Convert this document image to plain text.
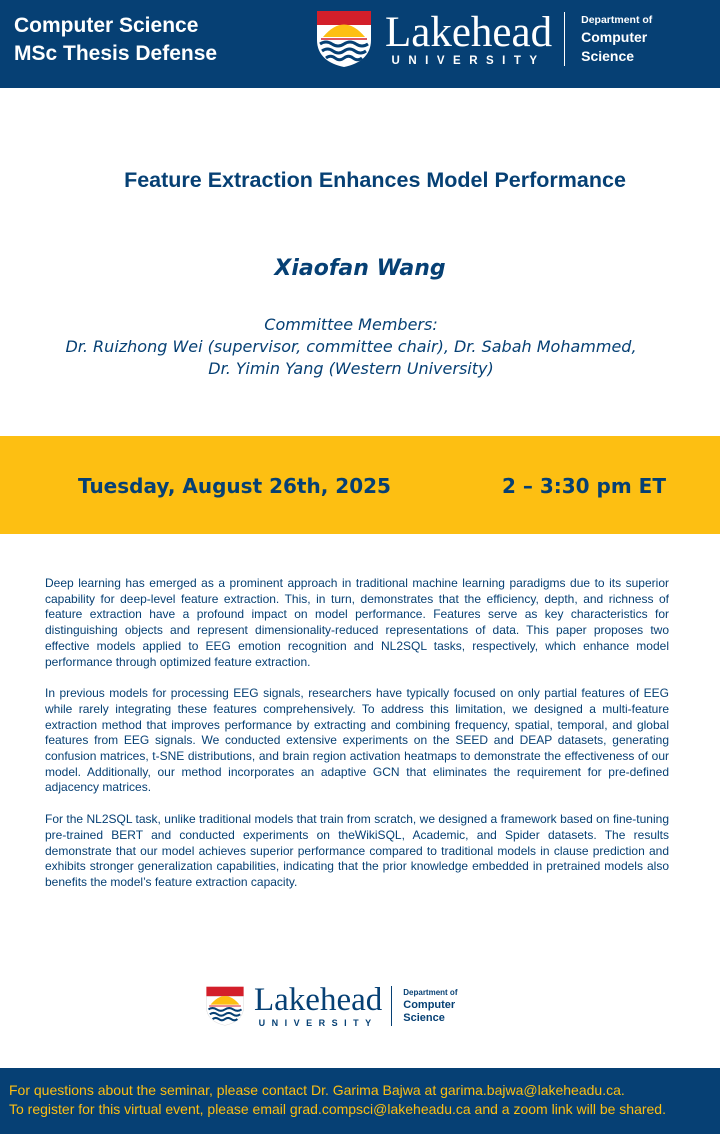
Computer Science
MSc Thesis Defense	Lakehead
UNIVERSITY
Department of
Computer
Science
Feature Extraction Enhances Model Performance
Xiaofan Wang
Committee Members:
Dr. Ruizhong Wei (supervisor, committee chair), Dr. Sabah Mohammed,
Dr. Yimin Yang (Western University)
Tuesday, August 26th, 2025	2 – 3:30 pm ET

Deep learning has emerged as a prominent approach in traditional machine learning paradigms due to its superior capability for deep-level feature extraction. This, in turn, demonstrates that the efficiency, depth, and richness of feature extraction have a profound impact on model performance. Features serve as key characteristics for distinguishing objects and represent dimensionality-reduced representations of data. This paper proposes two effective models applied to EEG emotion recognition and NL2SQL tasks, respectively, which enhance model performance through optimized feature extraction.

In previous models for processing EEG signals, researchers have typically focused on only partial features of EEG while rarely integrating these features comprehensively. To address this limitation, we designed a multi-feature extraction method that improves performance by extracting and combining frequency, spatial, temporal, and global features from EEG signals. We conducted extensive experiments on the SEED and DEAP datasets, generating confusion matrices, t-SNE distributions, and brain region activation heatmaps to demonstrate the effectiveness of our model. Additionally, our method incorporates an adaptive GCN that eliminates the requirement for pre-defined adjacency matrices.

For the NL2SQL task, unlike traditional models that train from scratch, we designed a framework based on fine-tuning pre-trained BERT and conducted experiments on theWikiSQL, Academic, and Spider datasets. The results demonstrate that our model achieves superior performance compared to traditional models in clause prediction and exhibits stronger generalization capabilities, indicating that the prior knowledge embedded in pretrained models also benefits the model’s feature extraction capacity.

Lakehead
UNIVERSITY
Department of
Computer
Science
For questions about the seminar, please contact Dr. Garima Bajwa at garima.bajwa@lakeheadu.ca.
To register for this virtual event, please email grad.compsci@lakeheadu.ca and a zoom link will be shared.
